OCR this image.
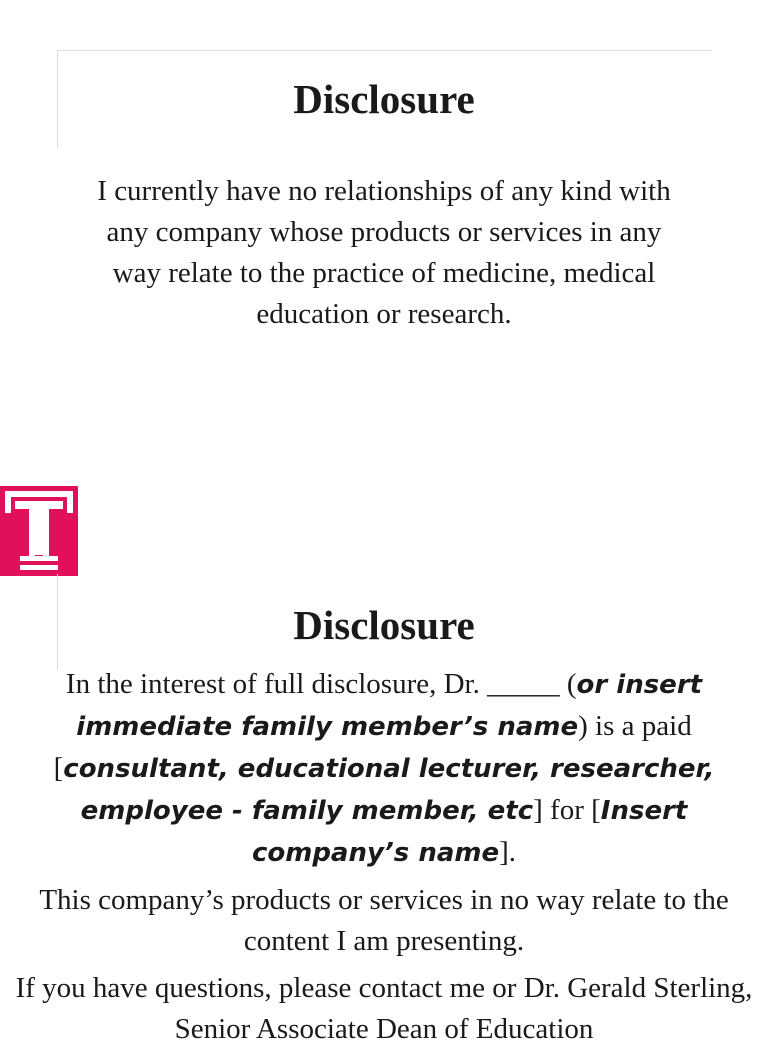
Disclosure
I currently have no relationships of any kind with any company whose products or services in any way relate to the practice of medicine, medical education or research.
Disclosure

In the interest of full disclosure, Dr. _____ (or insert immediate family member’s name) is a paid [consultant, educational lecturer, researcher, employee - family member, etc] for [Insert company’s name].

This company’s products or services in no way relate to the content I am presenting.

If you have questions, please contact me or Dr. Gerald Sterling, Senior Associate Dean of Education
